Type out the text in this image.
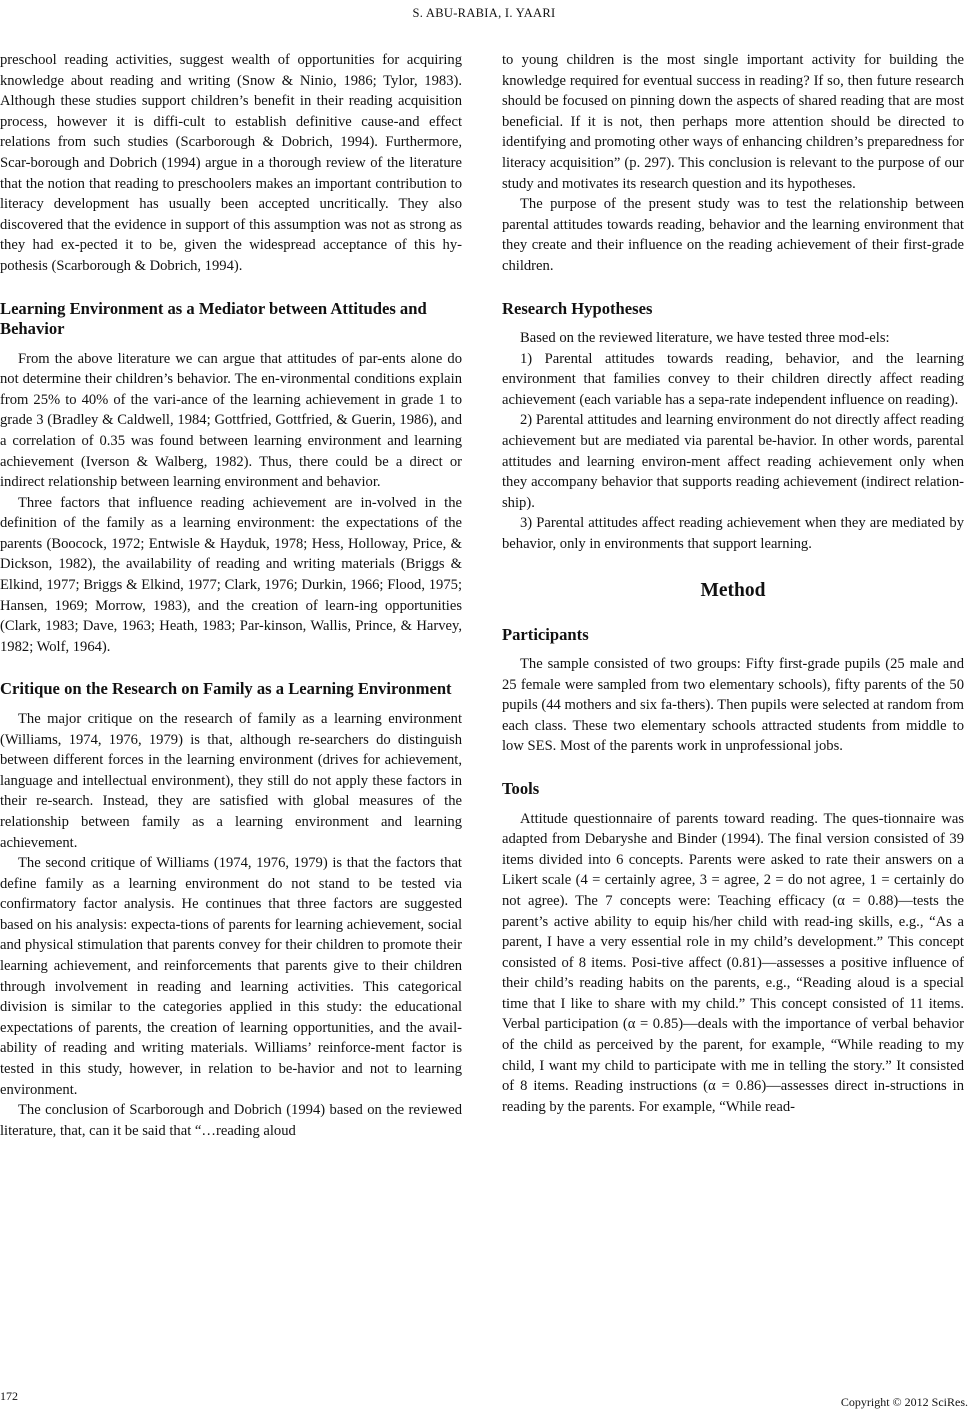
S. ABU-RABIA, I. YAARI

preschool reading activities, suggest wealth of opportunities for acquiring knowledge about reading and writing (Snow & Ninio, 1986; Tylor, 1983). Although these studies support children’s benefit in their reading acquisition process, however it is diffi-cult to establish definitive cause-and effect relations from such studies (Scarborough & Dobrich, 1994). Furthermore, Scar-borough and Dobrich (1994) argue in a thorough review of the literature that the notion that reading to preschoolers makes an important contribution to literacy development has usually been accepted uncritically. They also discovered that the evidence in support of this assumption was not as strong as they had ex-pected it to be, given the widespread acceptance of this hy-pothesis (Scarborough & Dobrich, 1994).

Learning Environment as a Mediator between Attitudes and Behavior

From the above literature we can argue that attitudes of par-ents alone do not determine their children’s behavior. The en-vironmental conditions explain from 25% to 40% of the vari-ance of the learning achievement in grade 1 to grade 3 (Bradley & Caldwell, 1984; Gottfried, Gottfried, & Guerin, 1986), and a correlation of 0.35 was found between learning environment and learning achievement (Iverson & Walberg, 1982). Thus, there could be a direct or indirect relationship between learning environment and behavior.

Three factors that influence reading achievement are in-volved in the definition of the family as a learning environment: the expectations of the parents (Boocock, 1972; Entwisle & Hayduk, 1978; Hess, Holloway, Price, & Dickson, 1982), the availability of reading and writing materials (Briggs & Elkind, 1977; Briggs & Elkind, 1977; Clark, 1976; Durkin, 1966; Flood, 1975; Hansen, 1969; Morrow, 1983), and the creation of learn-ing opportunities (Clark, 1983; Dave, 1963; Heath, 1983; Par-kinson, Wallis, Prince, & Harvey, 1982; Wolf, 1964).

Critique on the Research on Family as a Learning Environment

The major critique on the research of family as a learning environment (Williams, 1974, 1976, 1979) is that, although re-searchers do distinguish between different forces in the learning environment (drives for achievement, language and intellectual environment), they still do not apply these factors in their re-search. Instead, they are satisfied with global measures of the relationship between family as a learning environment and learning achievement.

The second critique of Williams (1974, 1976, 1979) is that the factors that define family as a learning environment do not stand to be tested via confirmatory factor analysis. He continues that three factors are suggested based on his analysis: expecta-tions of parents for learning achievement, social and physical stimulation that parents convey for their children to promote their learning achievement, and reinforcements that parents give to their children through involvement in reading and learning activities. This categorical division is similar to the categories applied in this study: the educational expectations of parents, the creation of learning opportunities, and the avail-ability of reading and writing materials. Williams’ reinforce-ment factor is tested in this study, however, in relation to be-havior and not to learning environment.

The conclusion of Scarborough and Dobrich (1994) based on the reviewed literature, that, can it be said that “…reading aloud

to young children is the most single important activity for building the knowledge required for eventual success in reading? If so, then future research should be focused on pinning down the aspects of shared reading that are most beneficial. If it is not, then perhaps more attention should be directed to identifying and promoting other ways of enhancing children’s preparedness for literacy acquisition” (p. 297). This conclusion is relevant to the purpose of our study and motivates its research question and its hypotheses.

The purpose of the present study was to test the relationship between parental attitudes towards reading, behavior and the learning environment that they create and their influence on the reading achievement of their first-grade children.

Research Hypotheses

Based on the reviewed literature, we have tested three mod-els:

1) Parental attitudes towards reading, behavior, and the learning environment that families convey to their children directly affect reading achievement (each variable has a sepa-rate independent influence on reading).

2) Parental attitudes and learning environment do not directly affect reading achievement but are mediated via parental be-havior. In other words, parental attitudes and learning environ-ment affect reading achievement only when they accompany behavior that supports reading achievement (indirect relation-ship).

3) Parental attitudes affect reading achievement when they are mediated by behavior, only in environments that support learning.

Method
Participants

The sample consisted of two groups: Fifty first-grade pupils (25 male and 25 female were sampled from two elementary schools), fifty parents of the 50 pupils (44 mothers and six fa-thers). Then pupils were selected at random from each class. These two elementary schools attracted students from middle to low SES. Most of the parents work in unprofessional jobs.

Tools

Attitude questionnaire of parents toward reading. The ques-tionnaire was adapted from Debaryshe and Binder (1994). The final version consisted of 39 items divided into 6 concepts. Parents were asked to rate their answers on a Likert scale (4 = certainly agree, 3 = agree, 2 = do not agree, 1 = certainly do not agree). The 7 concepts were: Teaching efficacy (α = 0.88)—tests the parent’s active ability to equip his/her child with read-ing skills, e.g., “As a parent, I have a very essential role in my child’s development.” This concept consisted of 8 items. Posi-tive affect (0.81)—assesses a positive influence of their child’s reading habits on the parents, e.g., “Reading aloud is a special time that I like to share with my child.” This concept consisted of 11 items. Verbal participation (α = 0.85)—deals with the importance of verbal behavior of the child as perceived by the parent, for example, “While reading to my child, I want my child to participate with me in telling the story.” It consisted of 8 items. Reading instructions (α = 0.86)—assesses direct in-structions in reading by the parents. For example, “While read-

172	Copyright © 2012 SciRes.
